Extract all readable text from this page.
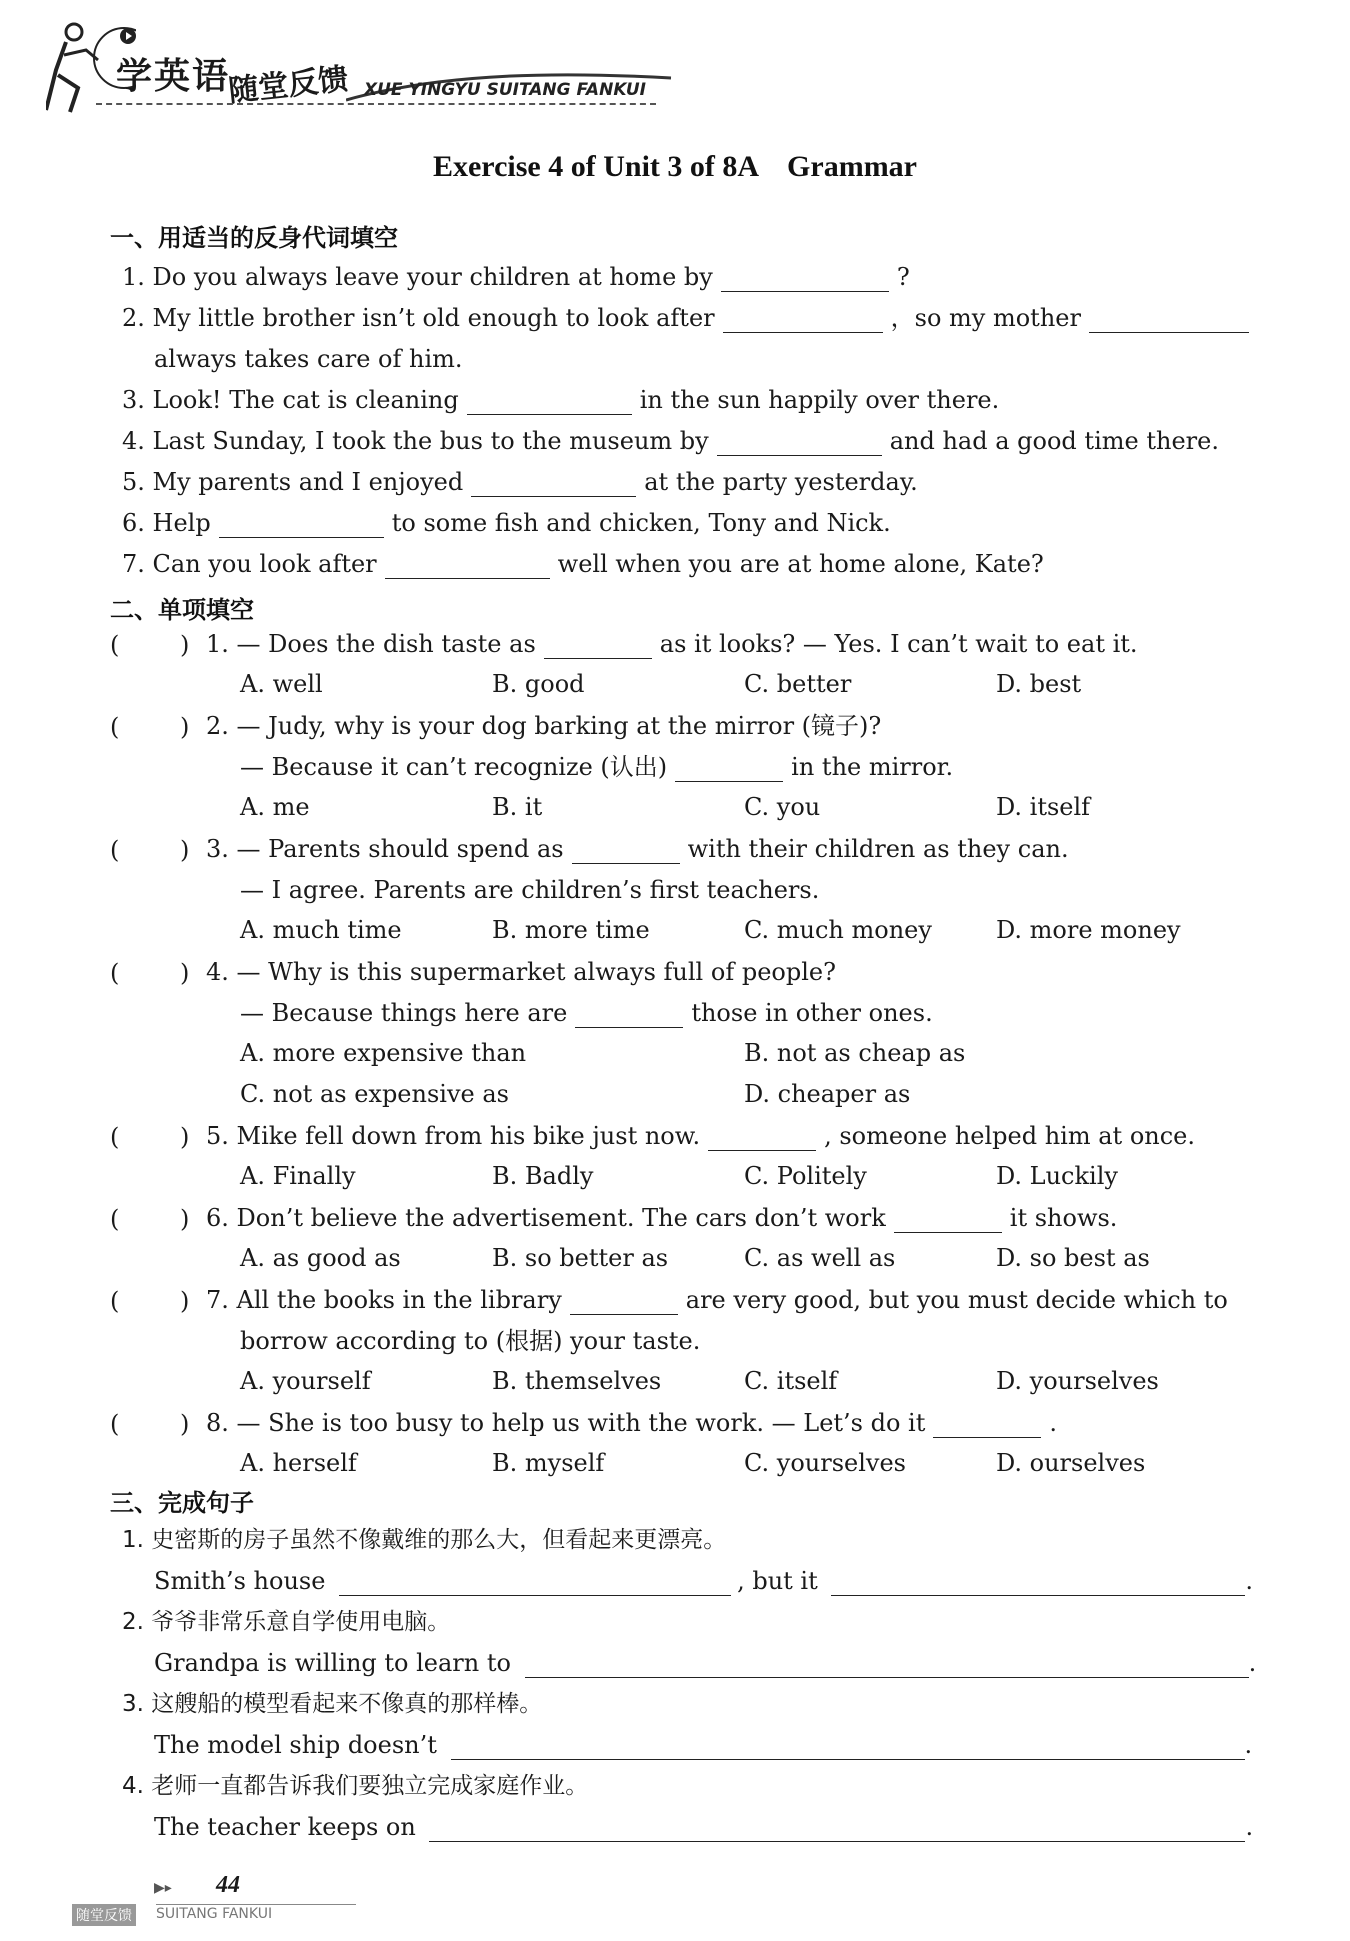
学英语
随堂反馈 XUE YINGYU SUITANG FANKUI
Exercise 4 of Unit 3 of 8A Grammar
一、用适当的反身代词填空
1. Do you always leave your children at home by	?
2. My little brother isn’t old enough to look after	，so my mother
always takes care of him.
3. Look! The cat is cleaning	in the sun happily over there.
4. Last Sunday, I took the bus to the museum by	and had a good time there.
5. My parents and I enjoyed	at the party yesterday.
6. Help	to some fish and chicken, Tony and Nick.
7. Can you look after	well when you are at home alone, Kate?
二、单项填空
(	) 1. — Does the dish taste as	as it looks? — Yes. I can’t wait to eat it.
A. well	B. good	C. better	D. best
(	) 2. — Judy, why is your dog barking at the mirror (镜子)?
— Because it can’t recognize (认出)	in the mirror.
A. me	B. it	C. you	D. itself
(	) 3. — Parents should spend as	with their children as they can.
— I agree. Parents are children’s first teachers.
A. much time	B. more time	C. much money	D. more money
(	) 4. — Why is this supermarket always full of people?
— Because things here are	those in other ones.
A. more expensive than	B. not as cheap as
C. not as expensive as	D. cheaper as
(	) 5. Mike fell down from his bike just now.	, someone helped him at once.
A. Finally	B. Badly	C. Politely	D. Luckily
(	) 6. Don’t believe the advertisement. The cars don’t work	it shows.
A. as good as	B. so better as	C. as well as	D. so best as
(	) 7. All the books in the library	are very good, but you must decide which to
borrow according to (根据) your taste.
A. yourself	B. themselves	C. itself	D. yourselves
(	) 8. — She is too busy to help us with the work. — Let’s do it	.
A. herself	B. myself	C. yourselves	D. ourselves
三、完成句子
1. 史密斯的房子虽然不像戴维的那么大，但看起来更漂亮。
Smith’s house	, but it	.
2. 爷爷非常乐意自学使用电脑。
Grandpa is willing to learn to	.
3. 这艘船的模型看起来不像真的那样棒。
The model ship doesn’t	.
4. 老师一直都告诉我们要独立完成家庭作业。
The teacher keeps on	.
▶▸ 44
随堂反馈 SUITANG FANKUI
